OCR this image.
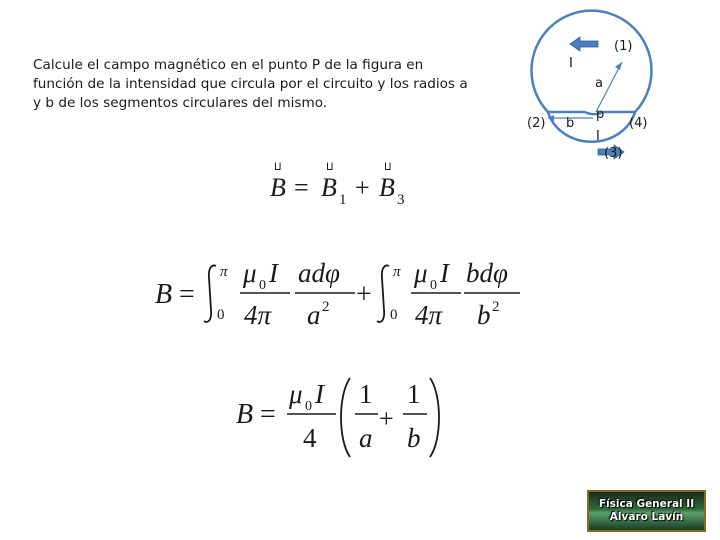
Calcule el campo magnético en el punto P de la figura en
función de la intensidad que circula por el circuito y los radios a
y b de los segmentos circulares del mismo.
(1)
(2)
(3)
(4)
I
I
a
b
p
ⵡ	ⵡ	ⵡ
B = B 1 + B 3
B =
π
0
μ 0 I
4π
adφ
a 2 +
π
0
μ 0 I
4π
bdφ
b 2
B =
μ 0 I
4
1
a
+
1
b
Física General II
Alvaro Lavín
